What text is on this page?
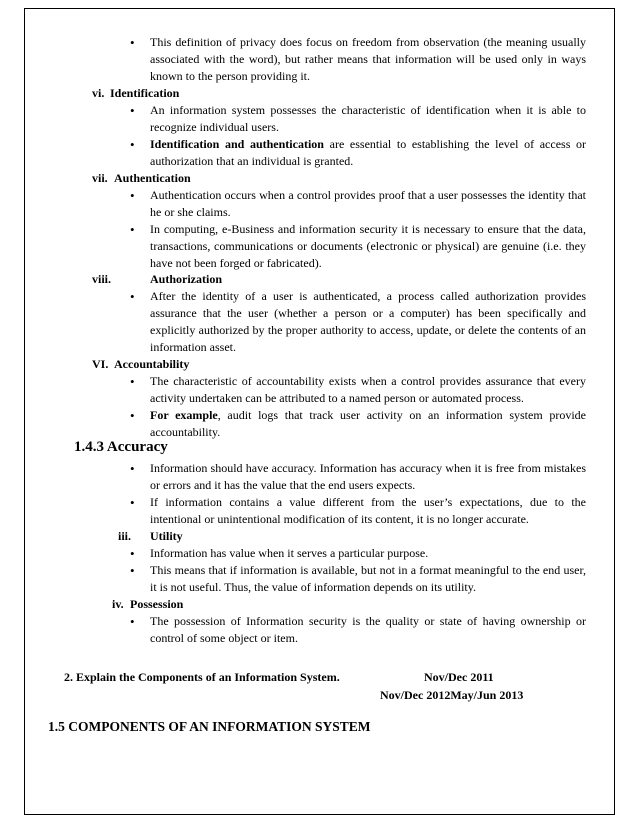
• This definition of privacy does focus on freedom from observation (the meaning usually associated with the word), but rather means that information will be used only in ways known to the person providing it.
vi. Identification
• An information system possesses the characteristic of identification when it is able to recognize individual users.
• Identification and authentication are essential to establishing the level of access or authorization that an individual is granted.
vii. Authentication
• Authentication occurs when a control provides proof that a user possesses the identity that he or she claims.
• In computing, e-Business and information security it is necessary to ensure that the data, transactions, communications or documents (electronic or physical) are genuine (i.e. they have not been forged or fabricated).
viii.	Authorization
• After the identity of a user is authenticated, a process called authorization provides assurance that the user (whether a person or a computer) has been specifically and explicitly authorized by the proper authority to access, update, or delete the contents of an information asset.
VI. Accountability
• The characteristic of accountability exists when a control provides assurance that every activity undertaken can be attributed to a named person or automated process.
• For example, audit logs that track user activity on an information system provide accountability.
1.4.3 Accuracy
• Information should have accuracy. Information has accuracy when it is free from mistakes or errors and it has the value that the end users expects.
• If information contains a value different from the user’s expectations, due to the intentional or unintentional modification of its content, it is no longer accurate.
iii. Utility
• Information has value when it serves a particular purpose.
• This means that if information is available, but not in a format meaningful to the end user, it is not useful. Thus, the value of information depends on its utility.
iv. Possession
• The possession of Information security is the quality or state of having ownership or control of some object or item.
2. Explain the Components of an Information System.	Nov/Dec 2011
Nov/Dec 2012May/Jun 2013
1.5 COMPONENTS OF AN INFORMATION SYSTEM
